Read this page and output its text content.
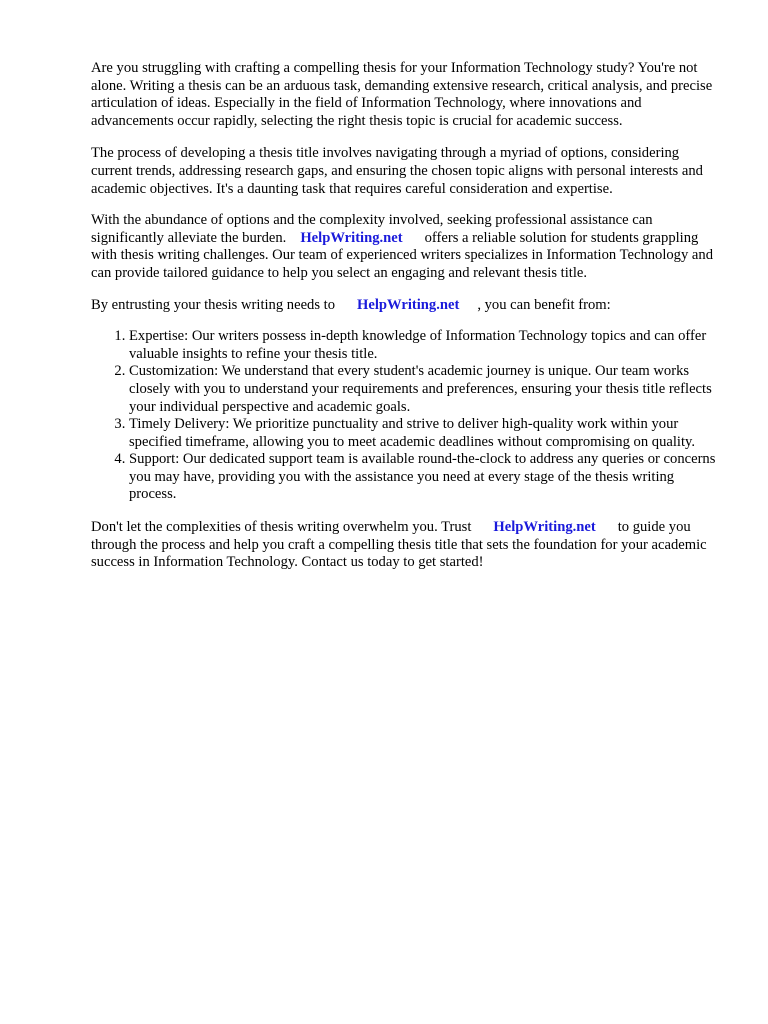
Are you struggling with crafting a compelling thesis for your Information Technology study? You're not alone. Writing a thesis can be an arduous task, demanding extensive research, critical analysis, and precise articulation of ideas. Especially in the field of Information Technology, where innovations and advancements occur rapidly, selecting the right thesis topic is crucial for academic success.

The process of developing a thesis title involves navigating through a myriad of options, considering current trends, addressing research gaps, and ensuring the chosen topic aligns with personal interests and academic objectives. It's a daunting task that requires careful consideration and expertise.

With the abundance of options and the complexity involved, seeking professional assistance can significantly alleviate the burden. HelpWriting.net offers a reliable solution for students grappling with thesis writing challenges. Our team of experienced writers specializes in Information Technology and can provide tailored guidance to help you select an engaging and relevant thesis title.

By entrusting your thesis writing needs to HelpWriting.net , you can benefit from:

1. Expertise: Our writers possess in-depth knowledge of Information Technology topics and can offer valuable insights to refine your thesis title.
2. Customization: We understand that every student's academic journey is unique. Our team works closely with you to understand your requirements and preferences, ensuring your thesis title reflects your individual perspective and academic goals.
3. Timely Delivery: We prioritize punctuality and strive to deliver high-quality work within your specified timeframe, allowing you to meet academic deadlines without compromising on quality.
4. Support: Our dedicated support team is available round-the-clock to address any queries or concerns you may have, providing you with the assistance you need at every stage of the thesis writing process.

Don't let the complexities of thesis writing overwhelm you. Trust HelpWriting.net to guide you through the process and help you craft a compelling thesis title that sets the foundation for your academic success in Information Technology. Contact us today to get started!
